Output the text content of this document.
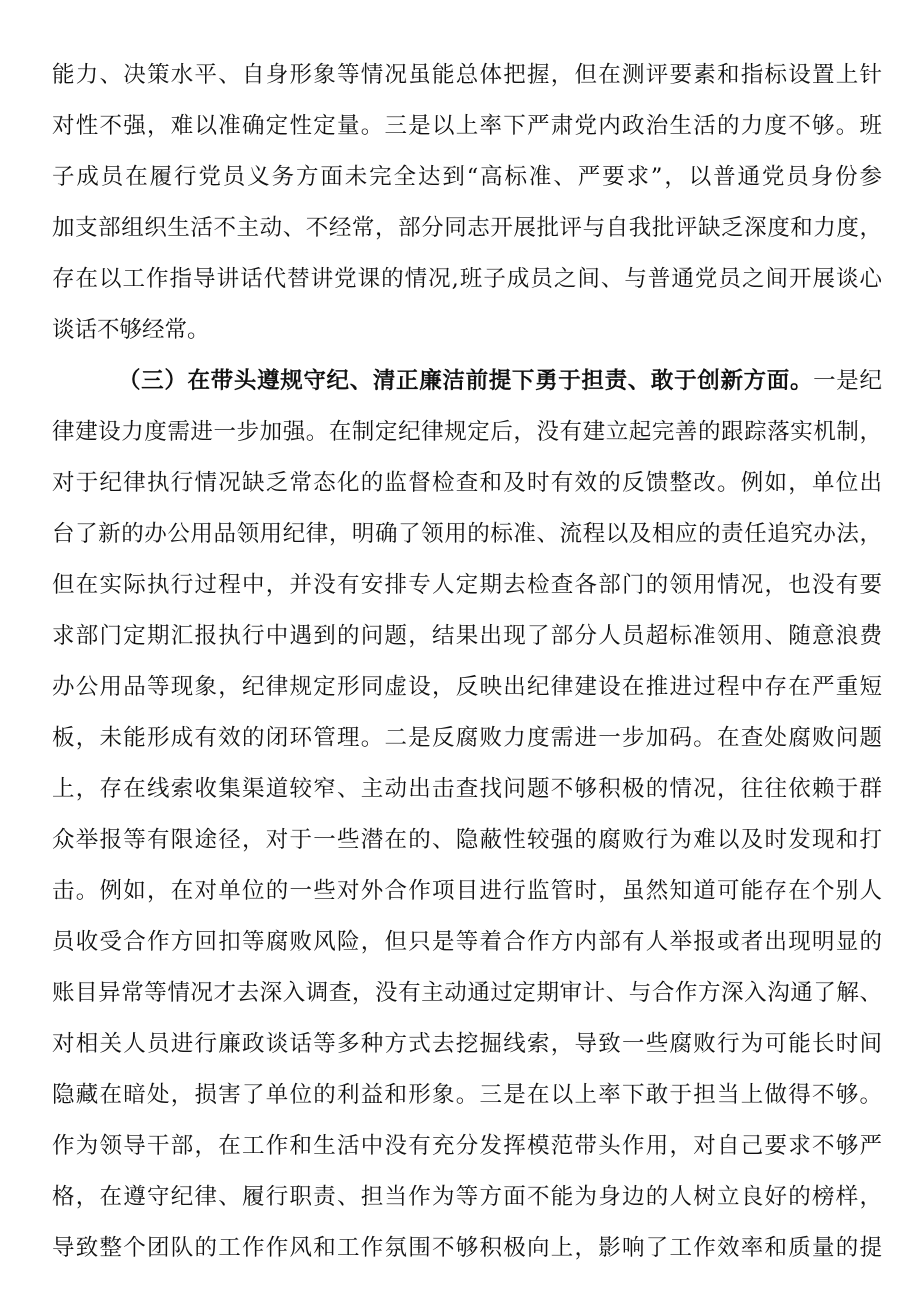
能力、决策水平、自身形象等情况虽能总体把握，但在测评要素和指标设置上针
对性不强，难以准确定性定量。三是以上率下严肃党内政治生活的力度不够。班
子成员在履行党员义务方面未完全达到“高标准、严要求”，以普通党员身份参
加支部组织生活不主动、不经常，部分同志开展批评与自我批评缺乏深度和力度，
存在以工作指导讲话代替讲党课的情况,班子成员之间、与普通党员之间开展谈心
谈话不够经常。
（三）在带头遵规守纪、清正廉洁前提下勇于担责、敢于创新方面。一是纪
律建设力度需进一步加强。在制定纪律规定后，没有建立起完善的跟踪落实机制，
对于纪律执行情况缺乏常态化的监督检查和及时有效的反馈整改。例如，单位出
台了新的办公用品领用纪律，明确了领用的标准、流程以及相应的责任追究办法，
但在实际执行过程中，并没有安排专人定期去检查各部门的领用情况，也没有要
求部门定期汇报执行中遇到的问题，结果出现了部分人员超标准领用、随意浪费
办公用品等现象，纪律规定形同虚设，反映出纪律建设在推进过程中存在严重短
板，未能形成有效的闭环管理。二是反腐败力度需进一步加码。在查处腐败问题
上，存在线索收集渠道较窄、主动出击查找问题不够积极的情况，往往依赖于群
众举报等有限途径，对于一些潜在的、隐蔽性较强的腐败行为难以及时发现和打
击。例如，在对单位的一些对外合作项目进行监管时，虽然知道可能存在个别人
员收受合作方回扣等腐败风险，但只是等着合作方内部有人举报或者出现明显的
账目异常等情况才去深入调查，没有主动通过定期审计、与合作方深入沟通了解、
对相关人员进行廉政谈话等多种方式去挖掘线索，导致一些腐败行为可能长时间
隐藏在暗处，损害了单位的利益和形象。三是在以上率下敢于担当上做得不够。
作为领导干部，在工作和生活中没有充分发挥模范带头作用，对自己要求不够严
格，在遵守纪律、履行职责、担当作为等方面不能为身边的人树立良好的榜样，
导致整个团队的工作作风和工作氛围不够积极向上，影响了工作效率和质量的提
